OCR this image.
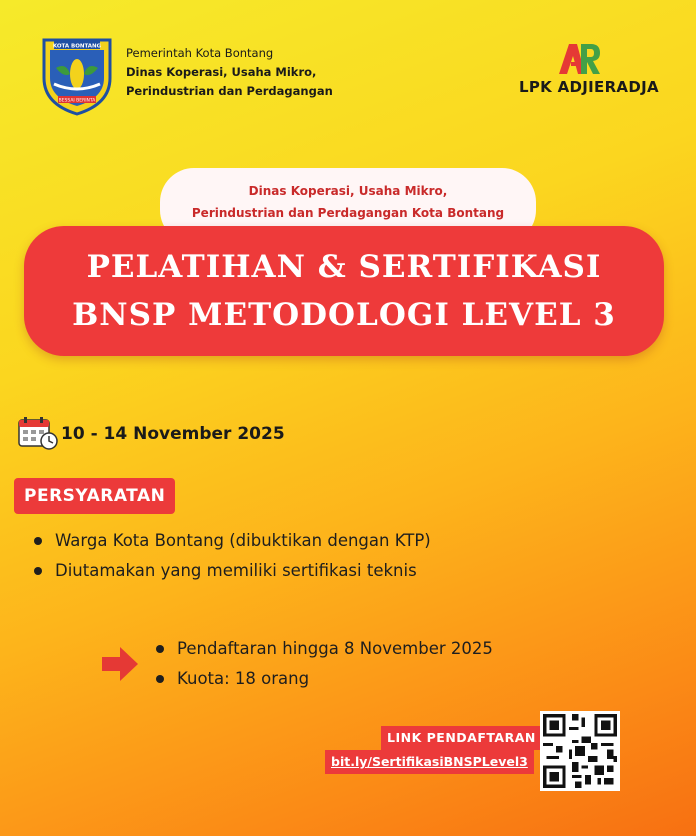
KOTA BONTANG
BESSAI BERINTA
Pemerintah Kota Bontang
Dinas Koperasi, Usaha Mikro,
Perindustrian dan Perdagangan	LPK ADJIERADJA
Dinas Koperasi, Usaha Mikro,
Perindustrian dan Perdagangan Kota Bontang
PELATIHAN & SERTIFIKASI
BNSP METODOLOGI LEVEL 3
10 - 14 November 2025
PERSYARATAN
Warga Kota Bontang (dibuktikan dengan KTP)
Diutamakan yang memiliki sertifikasi teknis
Pendaftaran hingga 8 November 2025
Kuota: 18 orang
LINK PENDAFTARAN
bit.ly/SertifikasiBNSPLevel3
